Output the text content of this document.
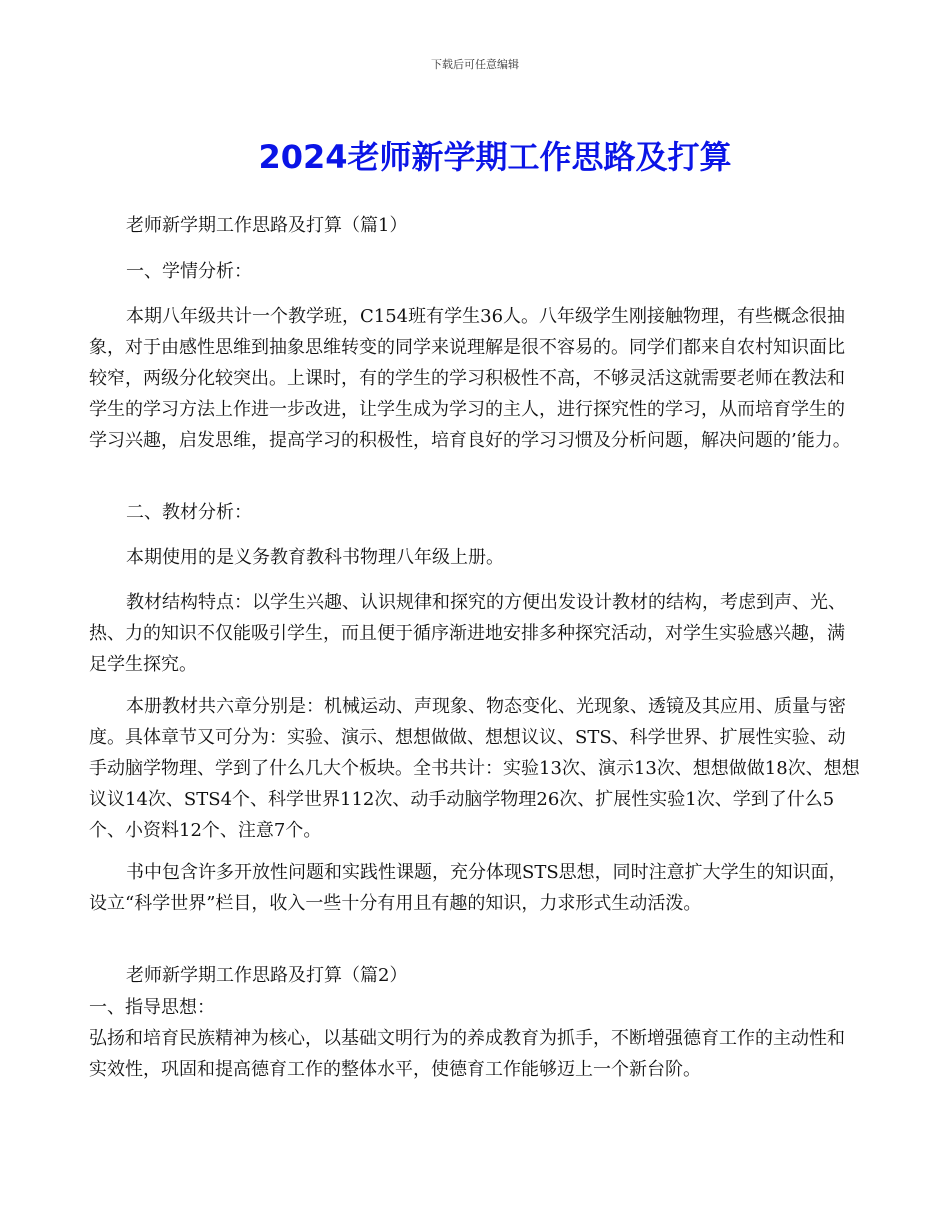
下载后可任意编辑
2024老师新学期工作思路及打算

老师新学期工作思路及打算（篇1）

一、学情分析：

本期八年级共计一个教学班，C154班有学生36人。八年级学生刚接触物理，有些概念很抽象，对于由感性思维到抽象思维转变的同学来说理解是很不容易的。同学们都来自农村知识面比较窄，两级分化较突出。上课时，有的学生的学习积极性不高，不够灵活这就需要老师在教法和学生的学习方法上作进一步改进，让学生成为学习的主人，进行探究性的学习，从而培育学生的学习兴趣，启发思维，提高学习的积极性，培育良好的学习习惯及分析问题，解决问题的’能力。

二、教材分析：

本期使用的是义务教育教科书物理八年级上册。

教材结构特点：以学生兴趣、认识规律和探究的方便出发设计教材的结构，考虑到声、光、热、力的知识不仅能吸引学生，而且便于循序渐进地安排多种探究活动，对学生实验感兴趣，满足学生探究。

本册教材共六章分别是：机械运动、声现象、物态变化、光现象、透镜及其应用、质量与密度。具体章节又可分为：实验、演示、想想做做、想想议议、STS、科学世界、扩展性实验、动手动脑学物理、学到了什么几大个板块。全书共计：实验13次、演示13次、想想做做18次、想想议议14次、STS4个、科学世界112次、动手动脑学物理26次、扩展性实验1次、学到了什么5个、小资料12个、注意7个。

书中包含许多开放性问题和实践性课题，充分体现STS思想，同时注意扩大学生的知识面，设立“科学世界”栏目，收入一些十分有用且有趣的知识，力求形式生动活泼。

老师新学期工作思路及打算（篇2）

一、指导思想：

弘扬和培育民族精神为核心，以基础文明行为的养成教育为抓手，不断增强德育工作的主动性和实效性，巩固和提高德育工作的整体水平，使德育工作能够迈上一个新台阶。
